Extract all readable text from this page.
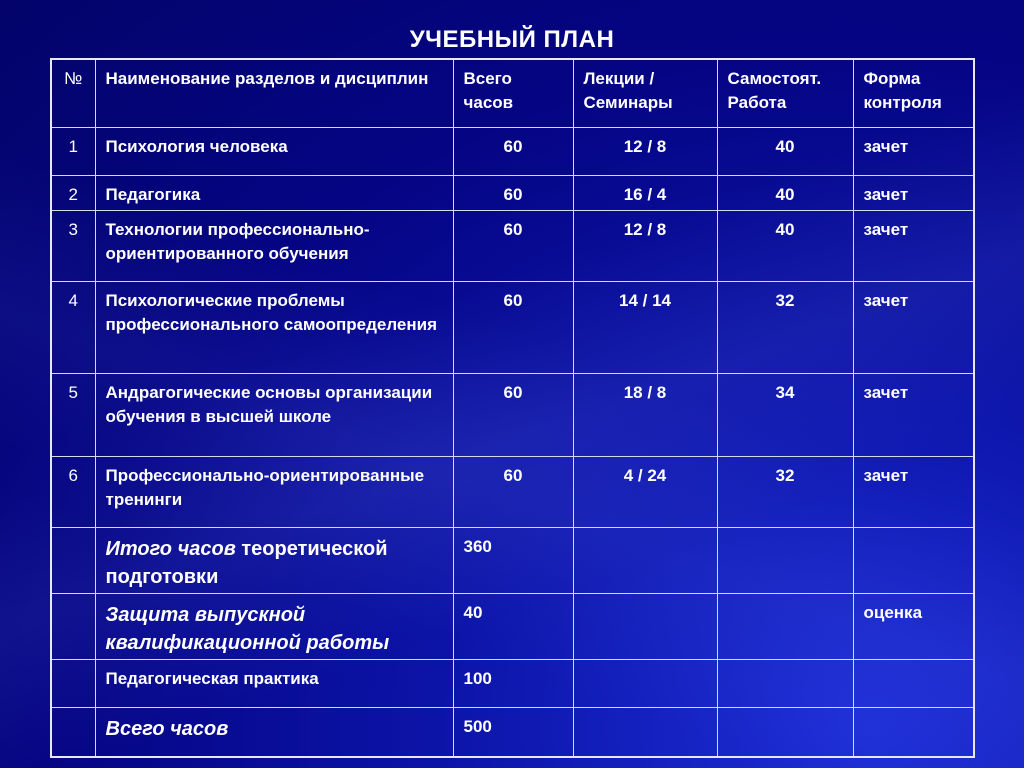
УЧЕБНЫЙ ПЛАН
№	Наименование разделов и дисциплин	Всего часов	Лекции / Семинары	Самостоят. Работа	Форма контроля
1	Психология человека	60	12 / 8	40	зачет
2	Педагогика	60	16 / 4	40	зачет
3	Технологии профессионально-ориентированного обучения	60	12 / 8	40	зачет
4	Психологические проблемы профессионального самоопределения	60	14 / 14	32	зачет
5	Андрагогические основы организации обучения в высшей школе	60	18 / 8	34	зачет
6	Профессионально-ориентированные тренинги	60	4 / 24	32	зачет
	Итого часов теоретической подготовки	360			
	Защита выпускной квалификационной работы	40			оценка
	Педагогическая практика	100			
	Всего часов	500			
